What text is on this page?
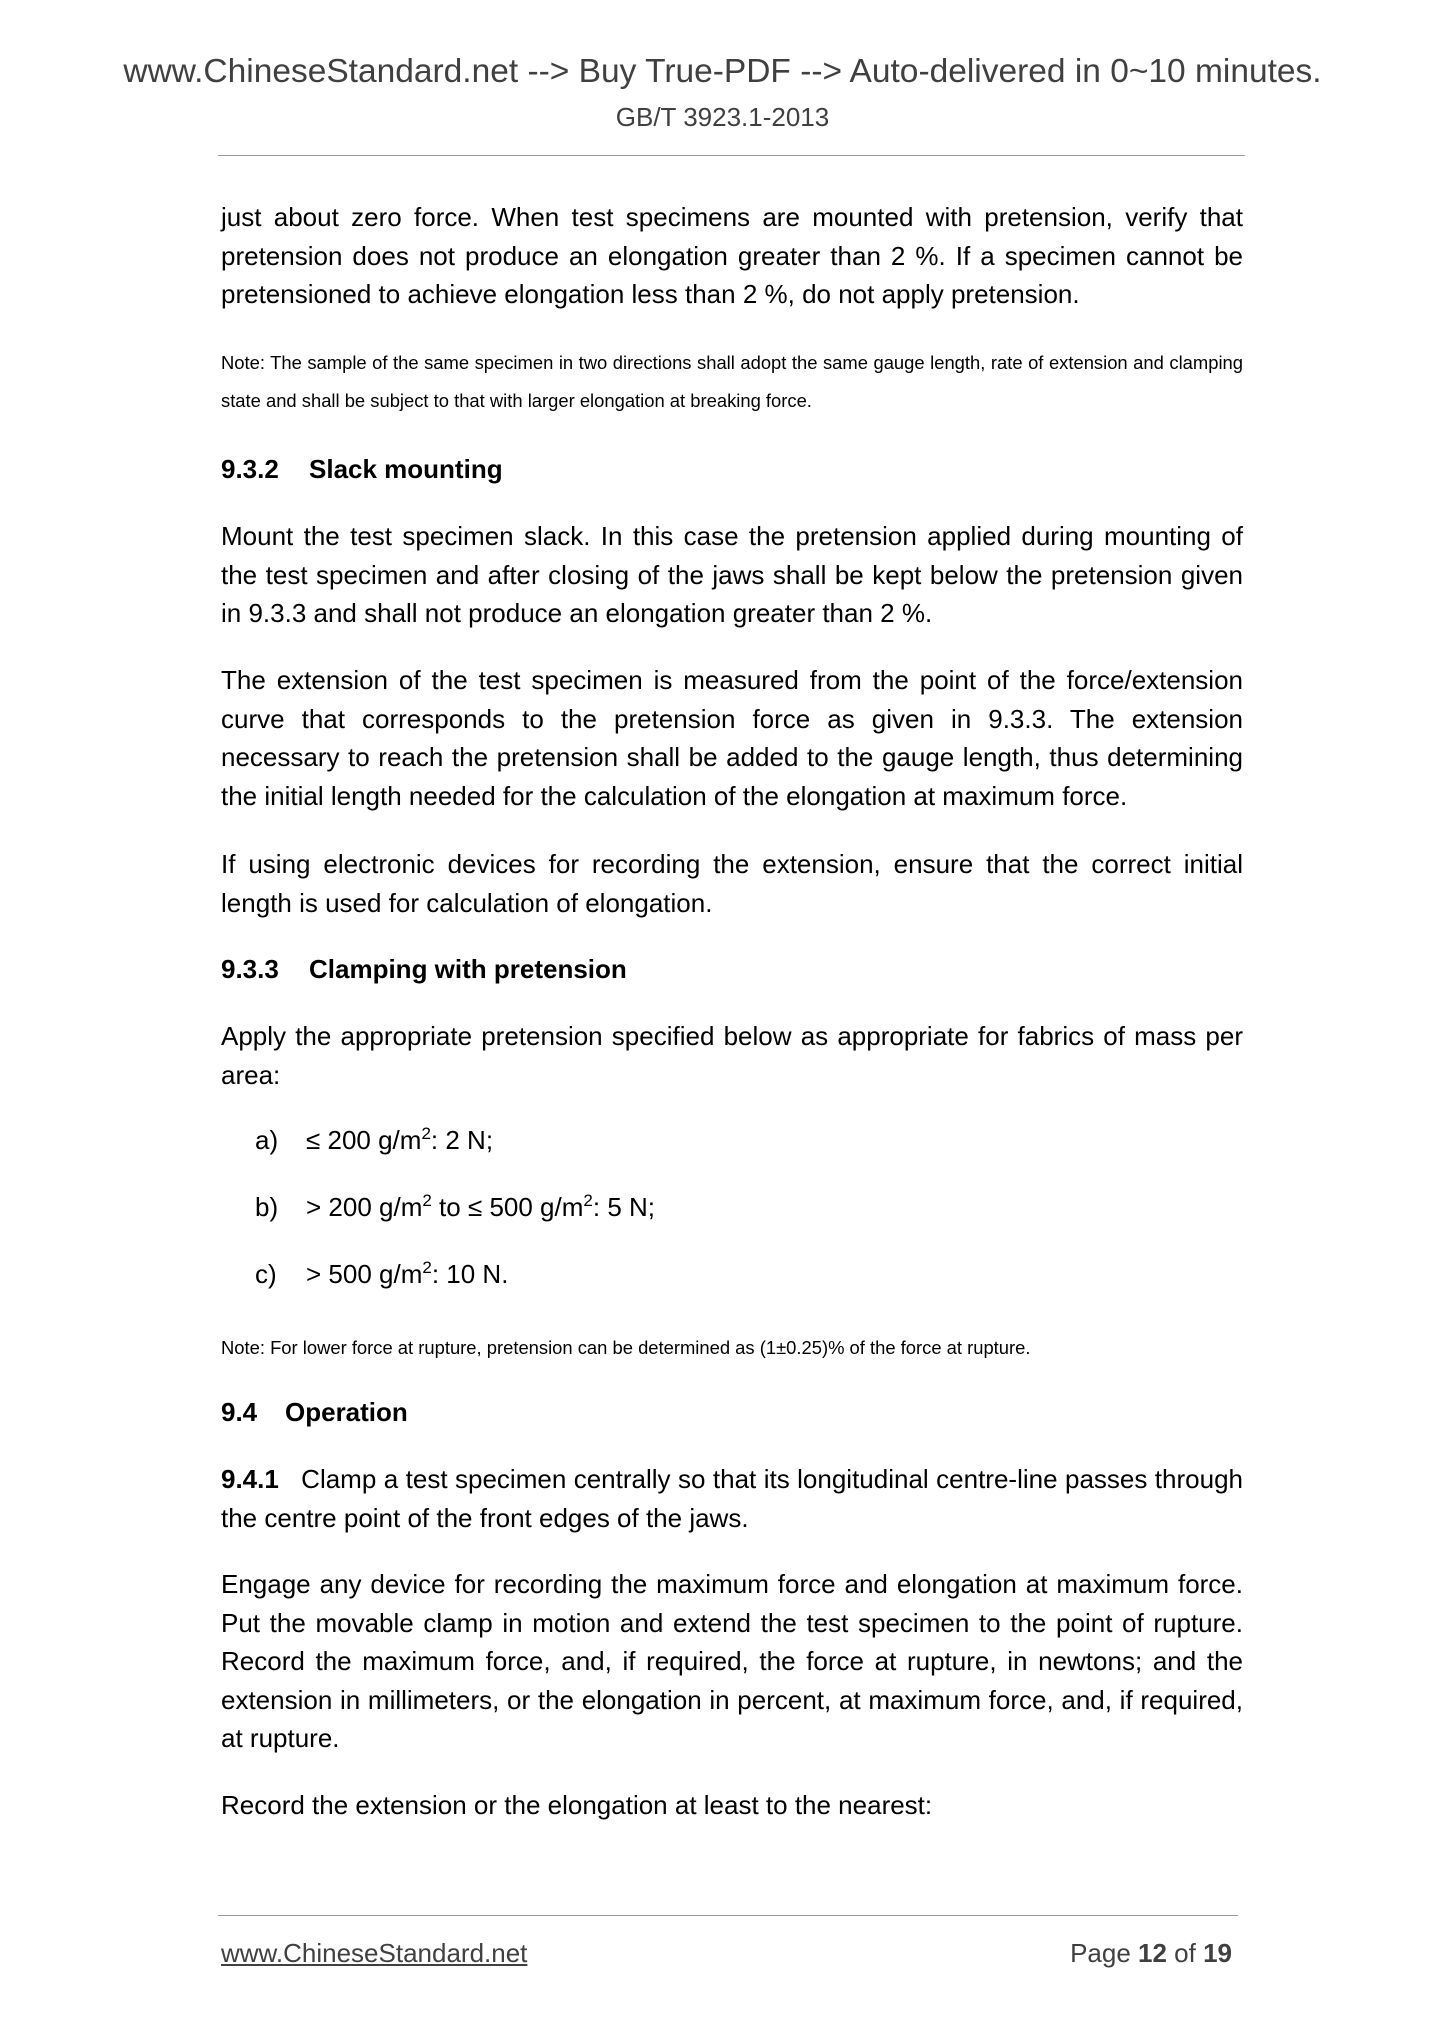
www.ChineseStandard.net --> Buy True-PDF --> Auto-delivered in 0~10 minutes.
GB/T 3923.1-2013

just about zero force. When test specimens are mounted with pretension, verify that pretension does not produce an elongation greater than 2 %. If a specimen cannot be pretensioned to achieve elongation less than 2 %, do not apply pretension.

Note: The sample of the same specimen in two directions shall adopt the same gauge length, rate of extension and clamping state and shall be subject to that with larger elongation at breaking force.

9.3.2 Slack mounting

Mount the test specimen slack. In this case the pretension applied during mounting of the test specimen and after closing of the jaws shall be kept below the pretension given in 9.3.3 and shall not produce an elongation greater than 2 %.

The extension of the test specimen is measured from the point of the force/extension curve that corresponds to the pretension force as given in 9.3.3. The extension necessary to reach the pretension shall be added to the gauge length, thus determining the initial length needed for the calculation of the elongation at maximum force.

If using electronic devices for recording the extension, ensure that the correct initial length is used for calculation of elongation.

9.3.3 Clamping with pretension

Apply the appropriate pretension specified below as appropriate for fabrics of mass per area:

a) ≤ 200 $g/m^2$: 2 N;

b) > 200 $g/m^2$ to ≤ 500 $g/m^2$: 5 N;

c) > 500 $g/m^2$: 10 N.

Note: For lower force at rupture, pretension can be determined as (1±0.25)% of the force at rupture.

9.4 Operation

9.4.1 Clamp a test specimen centrally so that its longitudinal centre-line passes through the centre point of the front edges of the jaws.

Engage any device for recording the maximum force and elongation at maximum force. Put the movable clamp in motion and extend the test specimen to the point of rupture. Record the maximum force, and, if required, the force at rupture, in newtons; and the extension in millimeters, or the elongation in percent, at maximum force, and, if required, at rupture.

Record the extension or the elongation at least to the nearest:

www.ChineseStandard.net	Page 12 of 19
